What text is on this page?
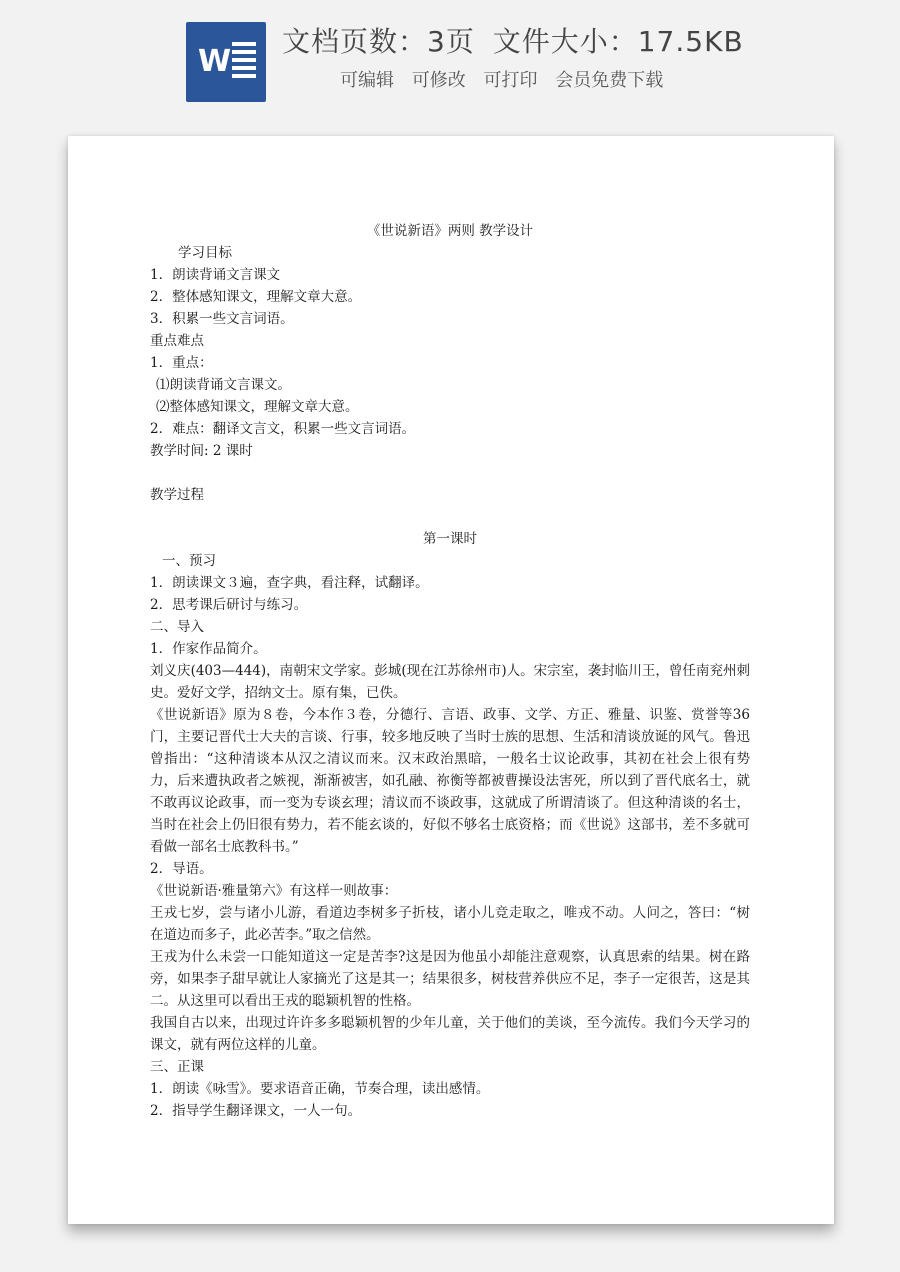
W
文档页数：3页 文件大小：17.5KB
可编辑 可修改 可打印 会员免费下载

《世说新语》两则 教学设计

学习目标

1．朗读背诵文言课文

2．整体感知课文，理解文章大意。

3．积累一些文言词语。

重点难点

1．重点：

⑴朗读背诵文言课文。

⑵整体感知课文，理解文章大意。

2．难点：翻译文言文，积累一些文言词语。

教学时间: 2 课时

教学过程

第一课时

一、预习

1．朗读课文３遍，查字典，看注释，试翻译。

2．思考课后研讨与练习。

二、导入

1．作家作品简介。

刘义庆(403—444)，南朝宋文学家。彭城(现在江苏徐州市)人。宋宗室，袭封临川王，曾任南兖州刺史。爱好文学，招纳文士。原有集，已佚。

《世说新语》原为８卷，今本作３卷，分德行、言语、政事、文学、方正、雅量、识鉴、赏誉等36门，主要记晋代士大夫的言谈、行事，较多地反映了当时士族的思想、生活和清谈放诞的风气。鲁迅曾指出：“这种清谈本从汉之清议而来。汉末政治黑暗，一般名士议论政事，其初在社会上很有势力，后来遭执政者之嫉视，渐渐被害，如孔融、祢衡等都被曹操设法害死，所以到了晋代底名士，就不敢再议论政事，而一变为专谈玄理；清议而不谈政事，这就成了所谓清谈了。但这种清谈的名士，当时在社会上仍旧很有势力，若不能玄谈的，好似不够名士底资格；而《世说》这部书，差不多就可看做一部名士底教科书。”

2．导语。

《世说新语·雅量第六》有这样一则故事：

王戎七岁，尝与诸小儿游，看道边李树多子折枝，诸小儿竞走取之，唯戎不动。人问之，答曰：“树在道边而多子，此必苦李。”取之信然。

王戎为什么未尝一口能知道这一定是苦李?这是因为他虽小却能注意观察，认真思索的结果。树在路旁，如果李子甜早就让人家摘光了这是其一；结果很多，树枝营养供应不足，李子一定很苦，这是其二。从这里可以看出王戎的聪颖机智的性格。

我国自古以来，出现过许许多多聪颖机智的少年儿童，关于他们的美谈，至今流传。我们今天学习的课文，就有两位这样的儿童。

三、正课

1．朗读《咏雪》。要求语音正确，节奏合理，读出感情。

2．指导学生翻译课文，一人一句。
